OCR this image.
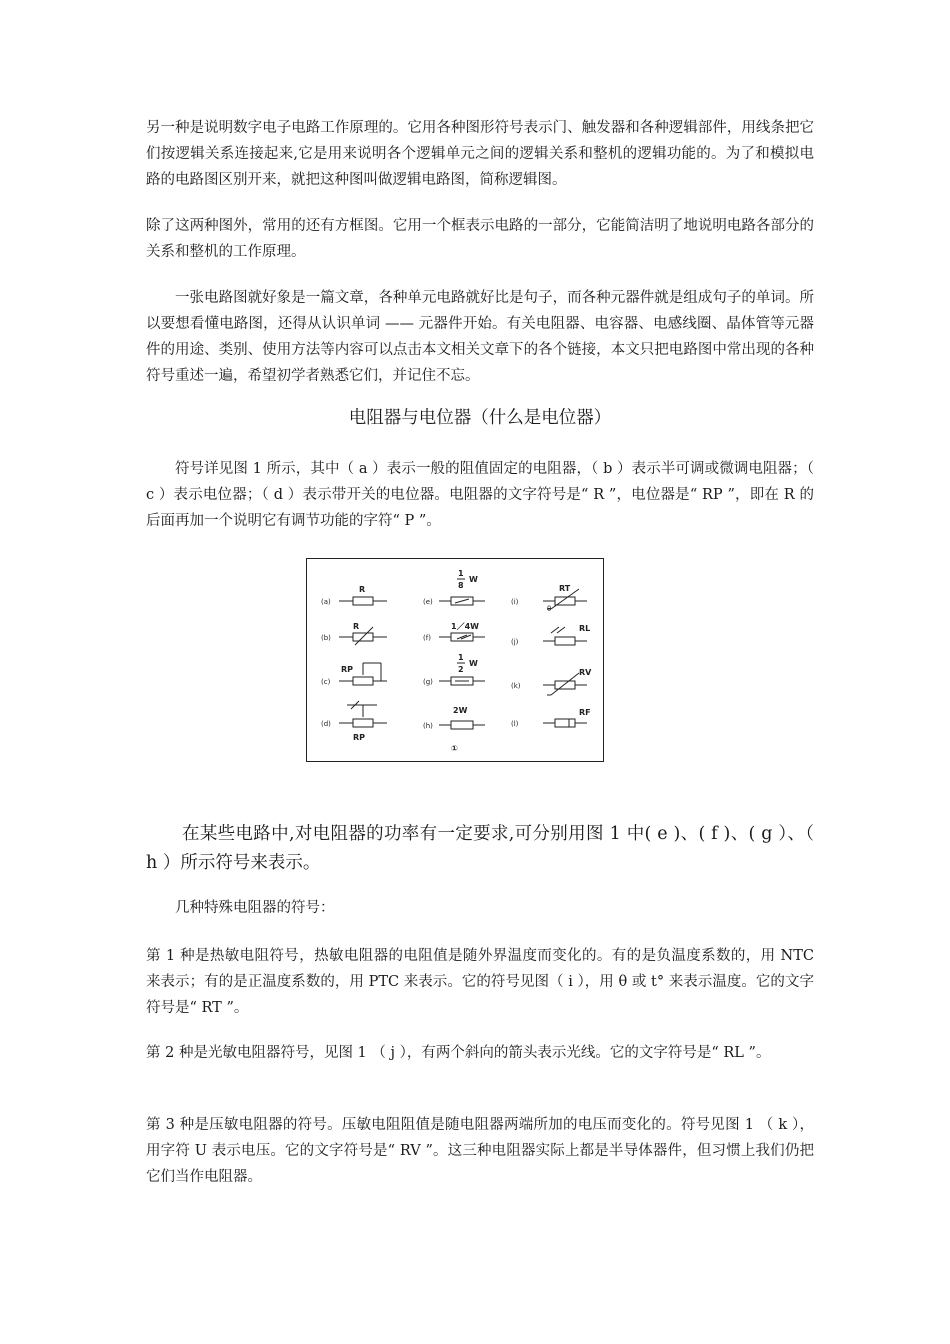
另一种是说明数字电子电路工作原理的。它用各种图形符号表示门、触发器和各种逻辑部件，用线条把它们按逻辑关系连接起来,它是用来说明各个逻辑单元之间的逻辑关系和整机的逻辑功能的。为了和模拟电路的电路图区别开来，就把这种图叫做逻辑电路图，简称逻辑图。

除了这两种图外，常用的还有方框图。它用一个框表示电路的一部分，它能简洁明了地说明电路各部分的关系和整机的工作原理。

一张电路图就好象是一篇文章，各种单元电路就好比是句子，而各种元器件就是组成句子的单词。所以要想看懂电路图，还得从认识单词 —— 元器件开始。有关电阻器、电容器、电感线圈、晶体管等元器件的用途、类别、使用方法等内容可以点击本文相关文章下的各个链接，本文只把电路图中常出现的各种符号重述一遍，希望初学者熟悉它们，并记住不忘。

电阻器与电位器（什么是电位器）

符号详见图 1 所示，其中（ a ）表示一般的阻值固定的电阻器，（ b ）表示半可调或微调电阻器；（ c ）表示电位器；（ d ）表示带开关的电位器。电阻器的文字符号是“ R ”，电位器是“ RP ”，即在 R 的后面再加一个说明它有调节功能的字符“ P ”。

(a)
(b)
(c)
(d)
(e)
(f)
(g)
(h)
(i)
(j)
(k)
(l)
R
R
RP
RP
1
8
W
1／4W
1
2
W
2W
①
RT
θ
RL
RV
RF

在某些电路中,对电阻器的功率有一定要求,可分别用图 1 中( e )、( f )、( g ）、（ h ）所示符号来表示。

几种特殊电阻器的符号：

第 1 种是热敏电阻符号，热敏电阻器的电阻值是随外界温度而变化的。有的是负温度系数的，用 NTC 来表示；有的是正温度系数的，用 PTC 来表示。它的符号见图（ i ），用 θ 或 t° 来表示温度。它的文字符号是“ RT ”。

第 2 种是光敏电阻器符号，见图 1 （ j ），有两个斜向的箭头表示光线。它的文字符号是“ RL ”。

第 3 种是压敏电阻器的符号。压敏电阻阻值是随电阻器两端所加的电压而变化的。符号见图 1 （ k ），用字符 U 表示电压。它的文字符号是“ RV ”。这三种电阻器实际上都是半导体器件，但习惯上我们仍把它们当作电阻器。
